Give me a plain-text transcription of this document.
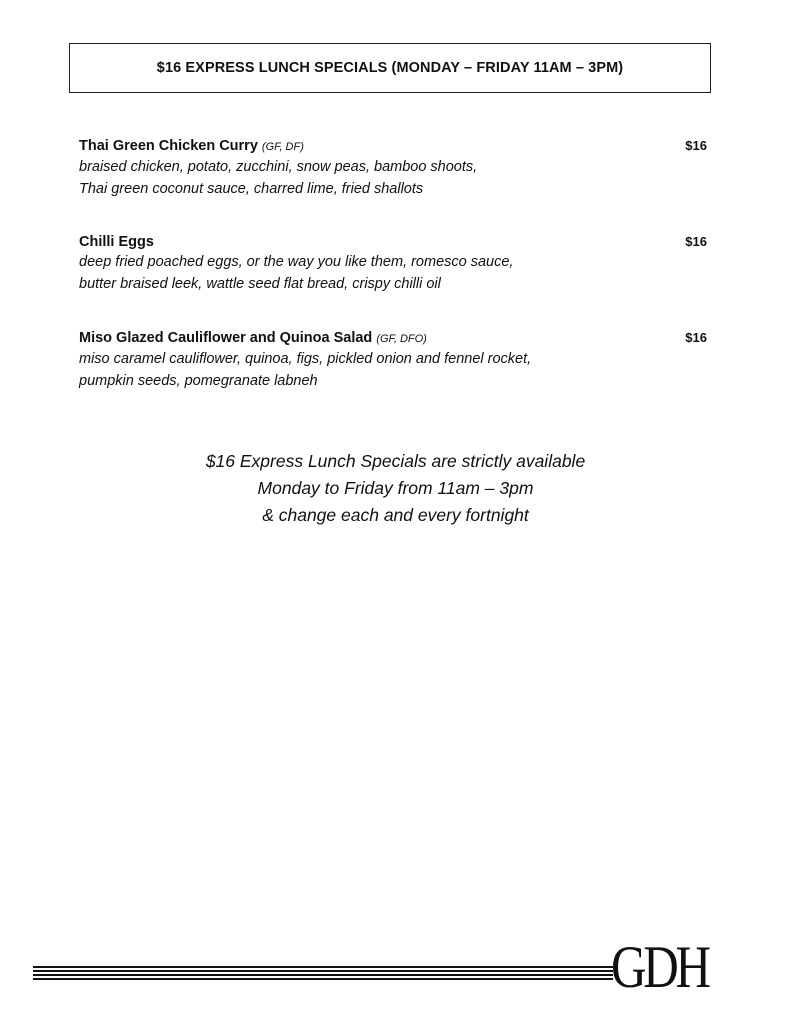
$16 EXPRESS LUNCH SPECIALS (MONDAY – FRIDAY 11AM – 3PM)
Thai Green Chicken Curry (GF, DF)	$16
braised chicken, potato, zucchini, snow peas, bamboo shoots,
Thai green coconut sauce, charred lime, fried shallots
Chilli Eggs	$16
deep fried poached eggs, or the way you like them, romesco sauce,
butter braised leek, wattle seed flat bread, crispy chilli oil
Miso Glazed Cauliflower and Quinoa Salad (GF, DFO)	$16
miso caramel cauliflower, quinoa, figs, pickled onion and fennel rocket,
pumpkin seeds, pomegranate labneh
$16 Express Lunch Specials are strictly available
Monday to Friday from 11am – 3pm
& change each and every fortnight
GDH
